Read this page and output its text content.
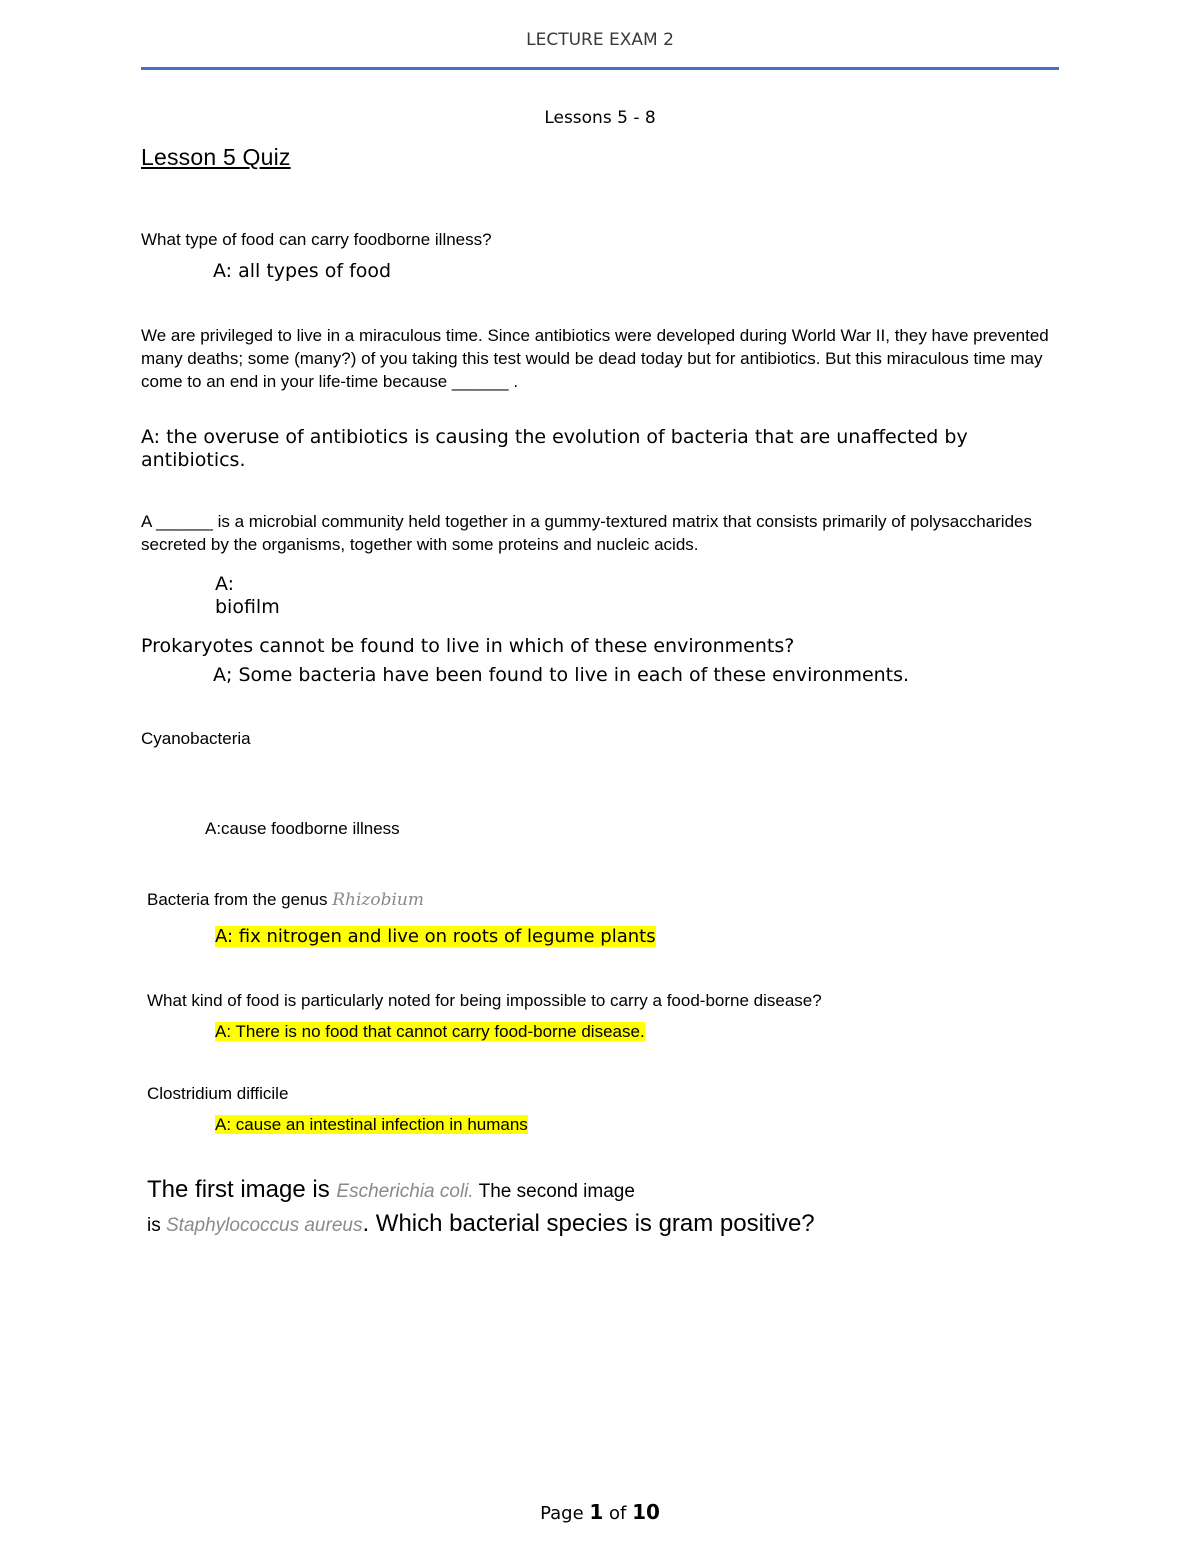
LECTURE EXAM 2
Lessons 5 - 8
Lesson 5 Quiz
What type of food can carry foodborne illness?
A: all types of food
We are privileged to live in a miraculous time. Since antibiotics were developed during World War II, they have prevented many deaths; some (many?) of you taking this test would be dead today but for antibiotics. But this miraculous time may come to an end in your life-time because ______ .
A: the overuse of antibiotics is causing the evolution of bacteria that are unaffected by antibiotics.
A ______ is a microbial community held together in a gummy-textured matrix that consists primarily of polysaccharides secreted by the organisms, together with some proteins and nucleic acids.
A:
biofilm
Prokaryotes cannot be found to live in which of these environments?
A; Some bacteria have been found to live in each of these environments.
Cyanobacteria
A:cause foodborne illness
Bacteria from the genus Rhizobium
A: fix nitrogen and live on roots of legume plants
What kind of food is particularly noted for being impossible to carry a food-borne disease?
A: There is no food that cannot carry food-borne disease.
Clostridium difficile
A: cause an intestinal infection in humans
The first image is Escherichia coli. The second image
is Staphylococcus aureus. Which bacterial species is gram positive?
Page 1 of 10
